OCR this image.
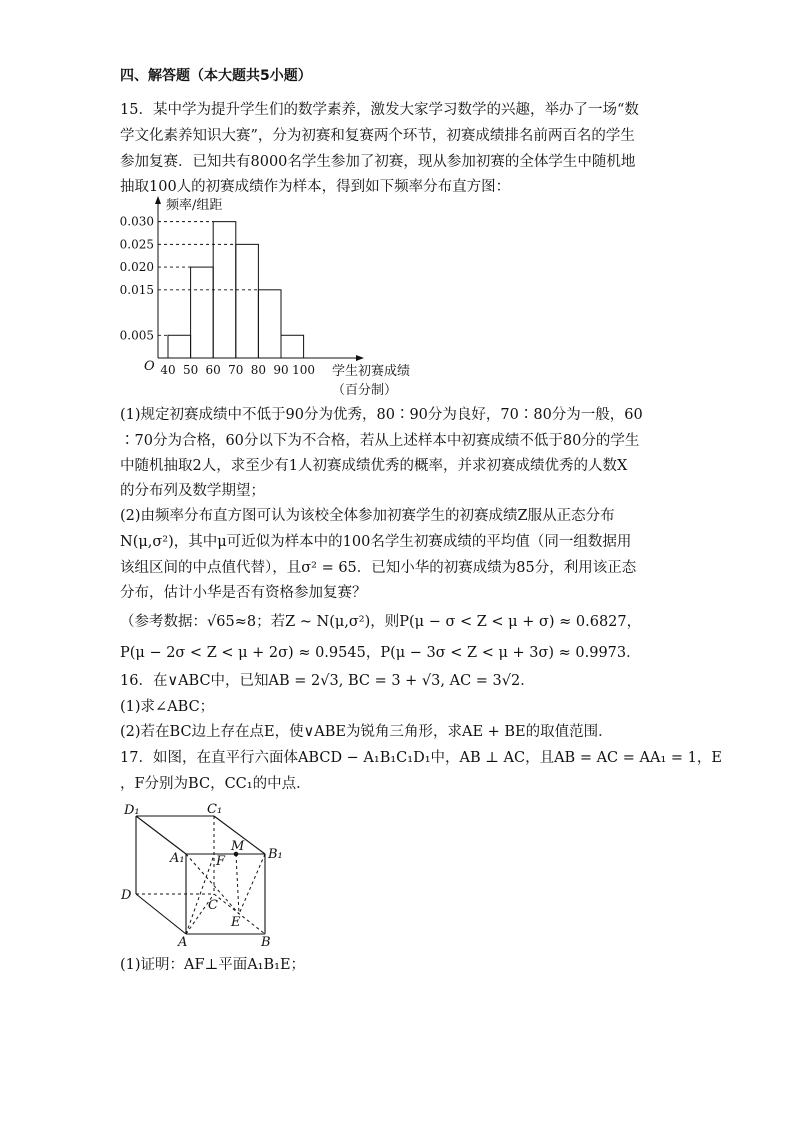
四、解答题（本大题共5小题）
15．某中学为提升学生们的数学素养，激发大家学习数学的兴趣，举办了一场“数
学文化素养知识大赛”，分为初赛和复赛两个环节，初赛成绩排名前两百名的学生
参加复赛．已知共有8000名学生参加了初赛，现从参加初赛的全体学生中随机地
抽取100人的初赛成绩作为样本，得到如下频率分布直方图：
0.030
0.025
0.020
0.015
0.005
40 50 60 70 80 90 100
O
频率/组距
学生初赛成绩
（百分制）
(1)规定初赛成绩中不低于90分为优秀，80∶90分为良好，70∶80分为一般，60
∶70分为合格，60分以下为不合格，若从上述样本中初赛成绩不低于80分的学生
中随机抽取2人，求至少有1人初赛成绩优秀的概率，并求初赛成绩优秀的人数X
的分布列及数学期望；
(2)由频率分布直方图可认为该校全体参加初赛学生的初赛成绩Z服从正态分布
N(μ,σ²)，其中μ可近似为样本中的100名学生初赛成绩的平均值（同一组数据用
该组区间的中点值代替），且σ² = 65．已知小华的初赛成绩为85分，利用该正态
分布，估计小华是否有资格参加复赛？
（参考数据：√65≈8；若Z ~ N(μ,σ²)，则P(μ − σ < Z < μ + σ) ≈ 0.6827，
P(μ − 2σ < Z < μ + 2σ) ≈ 0.9545，P(μ − 3σ < Z < μ + 3σ) ≈ 0.9973．
16．在∨ABC中，已知AB = 2√3, BC = 3 + √3, AC = 3√2．
(1)求∠ABC；
(2)若在BC边上存在点E，使∨ABE为锐角三角形，求AE + BE的取值范围．
17．如图，在直平行六面体ABCD − A₁B₁C₁D₁中，AB ⊥ AC，且AB = AC = AA₁ = 1，E
，F分别为BC，CC₁的中点．
D₁	C₁
A₁
M
B₁
F
D
C
E
A	B
(1)证明：AF⊥平面A₁B₁E；
